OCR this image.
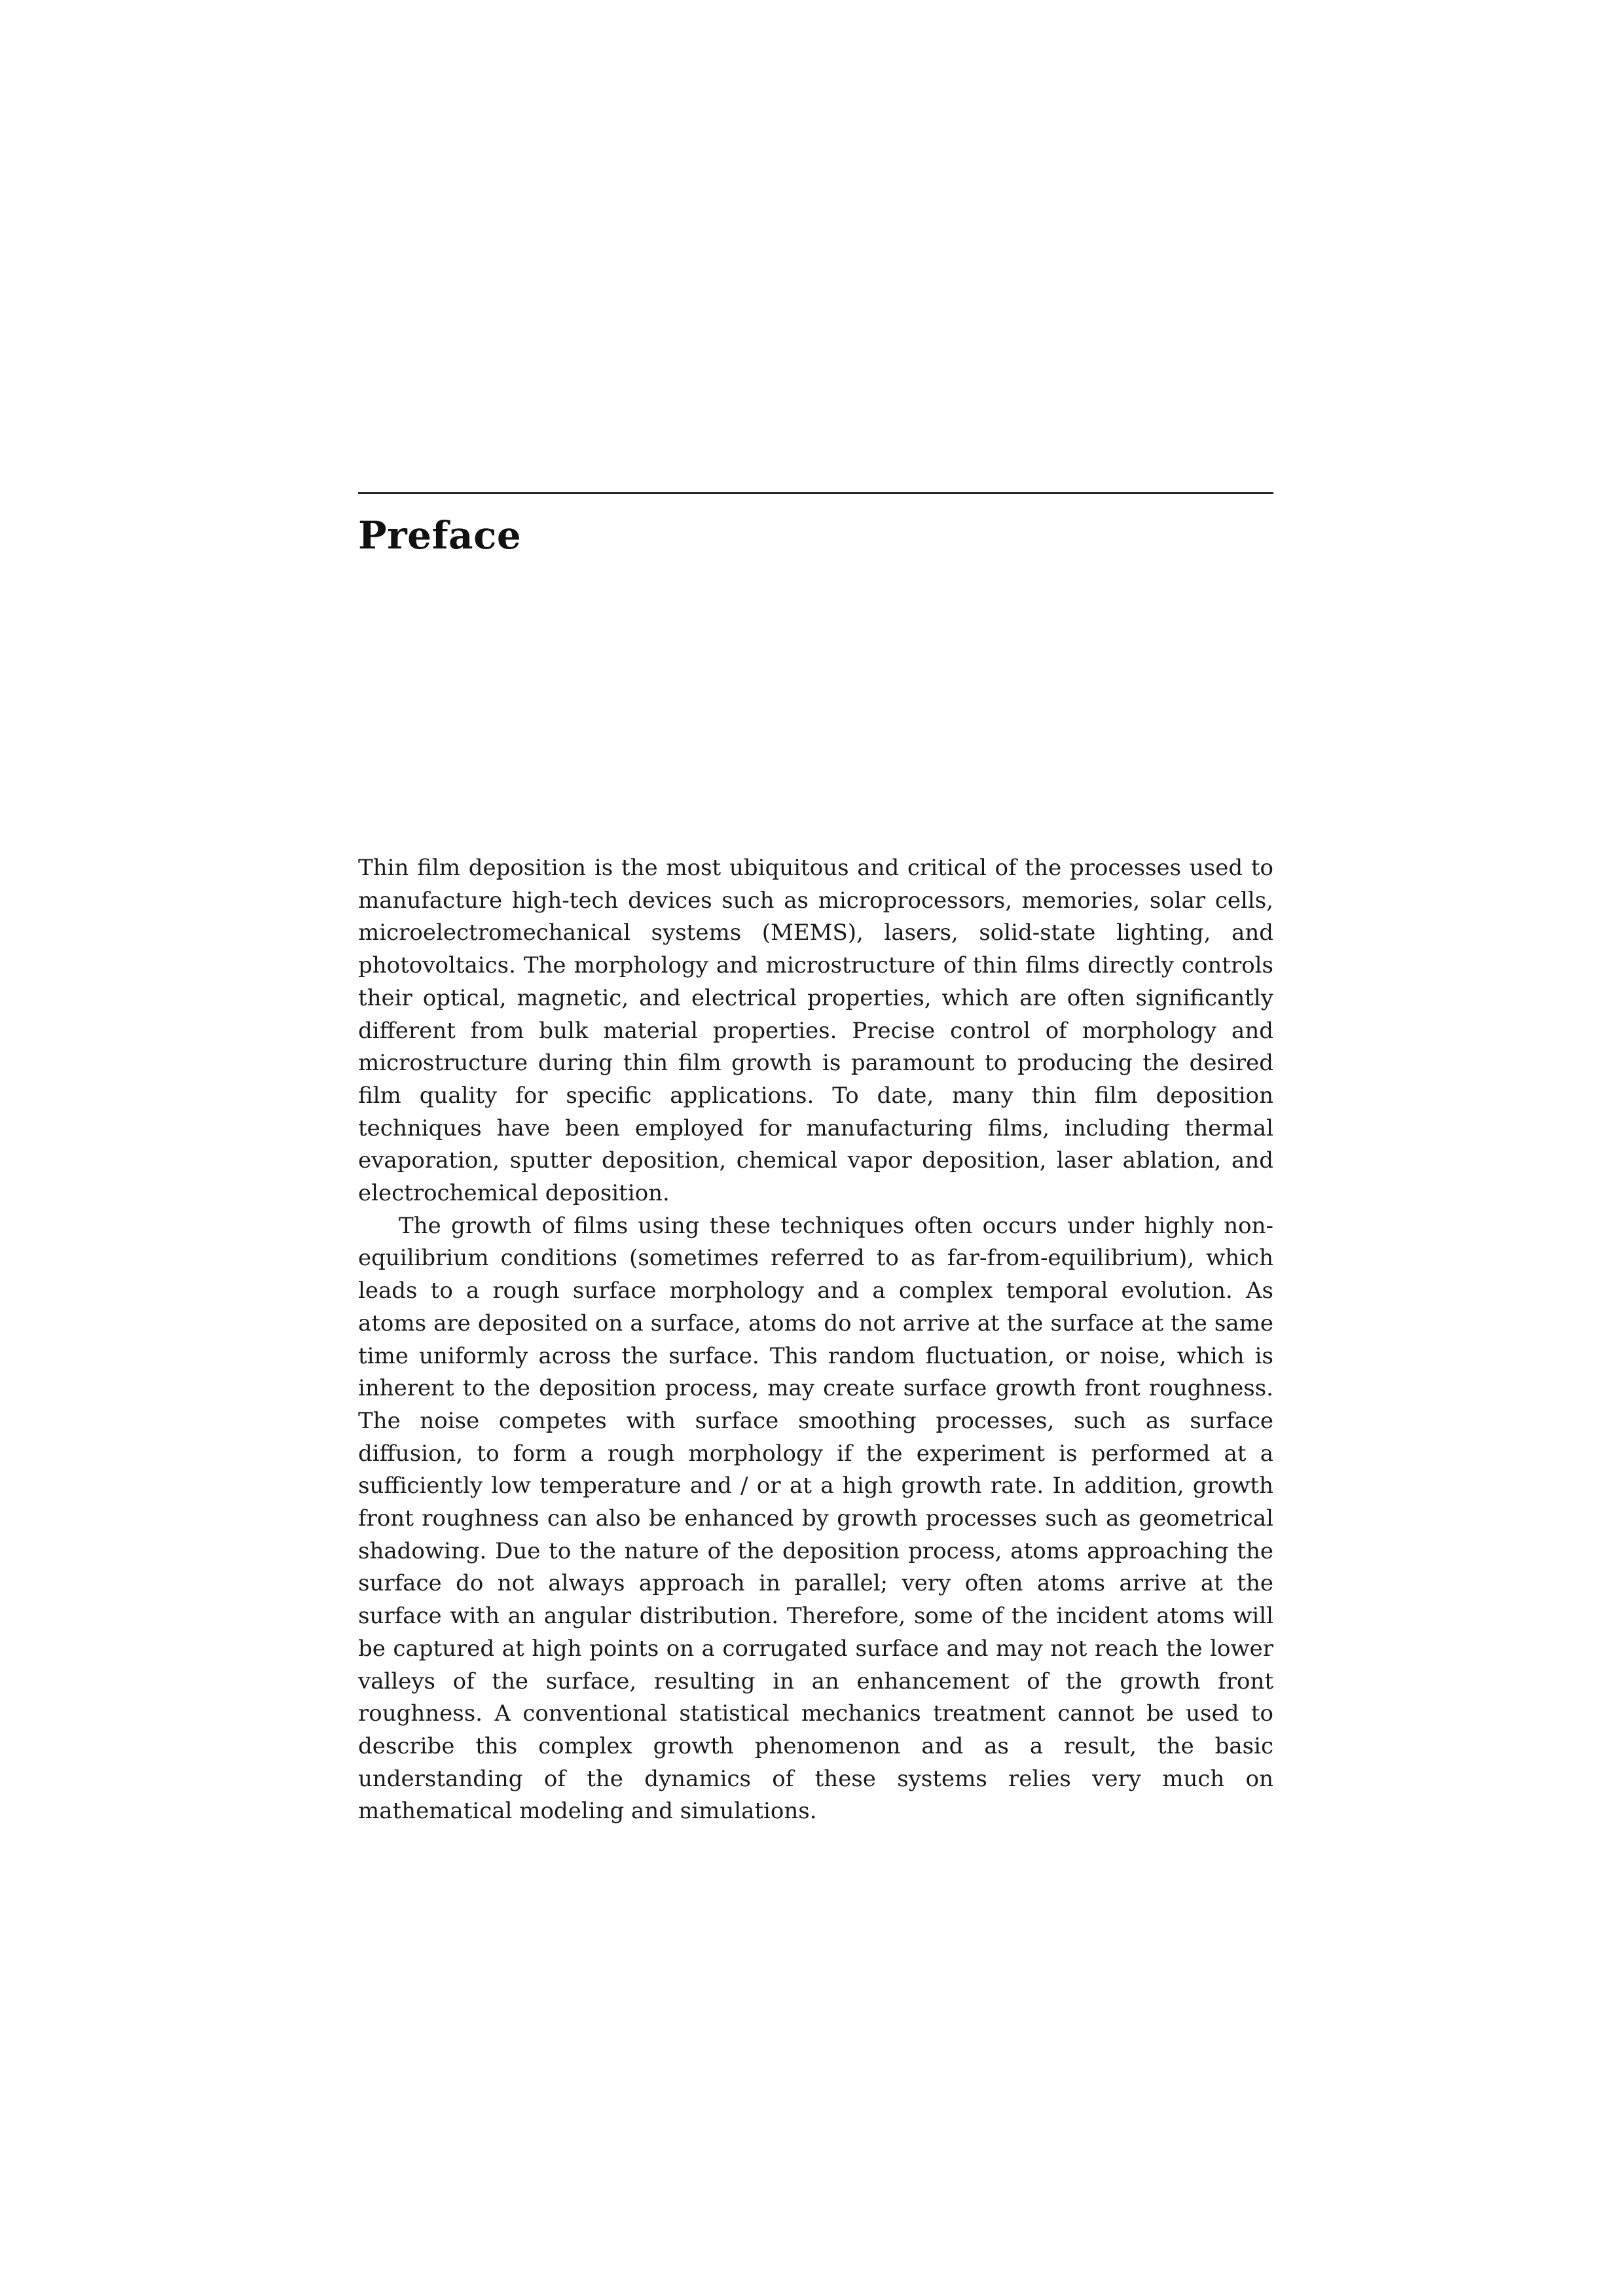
Preface

Thin film deposition is the most ubiquitous and critical of the processes used to manufacture high-tech devices such as microprocessors, memories, solar cells, microelectromechanical systems (MEMS), lasers, solid-state lighting, and photovoltaics. The morphology and microstructure of thin films directly controls their optical, magnetic, and electrical properties, which are often significantly different from bulk material properties. Precise control of morphology and microstructure during thin film growth is paramount to producing the desired film quality for specific applications. To date, many thin film deposition techniques have been employed for manufacturing films, including thermal evaporation, sputter deposition, chemical vapor deposition, laser ablation, and electrochemical deposition.

The growth of films using these techniques often occurs under highly non-equilibrium conditions (sometimes referred to as far-from-equilibrium), which leads to a rough surface morphology and a complex temporal evolution. As atoms are deposited on a surface, atoms do not arrive at the surface at the same time uniformly across the surface. This random fluctuation, or noise, which is inherent to the deposition process, may create surface growth front roughness. The noise competes with surface smoothing processes, such as surface diffusion, to form a rough morphology if the experiment is performed at a sufficiently low temperature and / or at a high growth rate. In addition, growth front roughness can also be enhanced by growth processes such as geometrical shadowing. Due to the nature of the deposition process, atoms approaching the surface do not always approach in parallel; very often atoms arrive at the surface with an angular distribution. Therefore, some of the incident atoms will be captured at high points on a corrugated surface and may not reach the lower valleys of the surface, resulting in an enhancement of the growth front roughness. A conventional statistical mechanics treatment cannot be used to describe this complex growth phenomenon and as a result, the basic understanding of the dynamics of these systems relies very much on mathematical modeling and simulations.
